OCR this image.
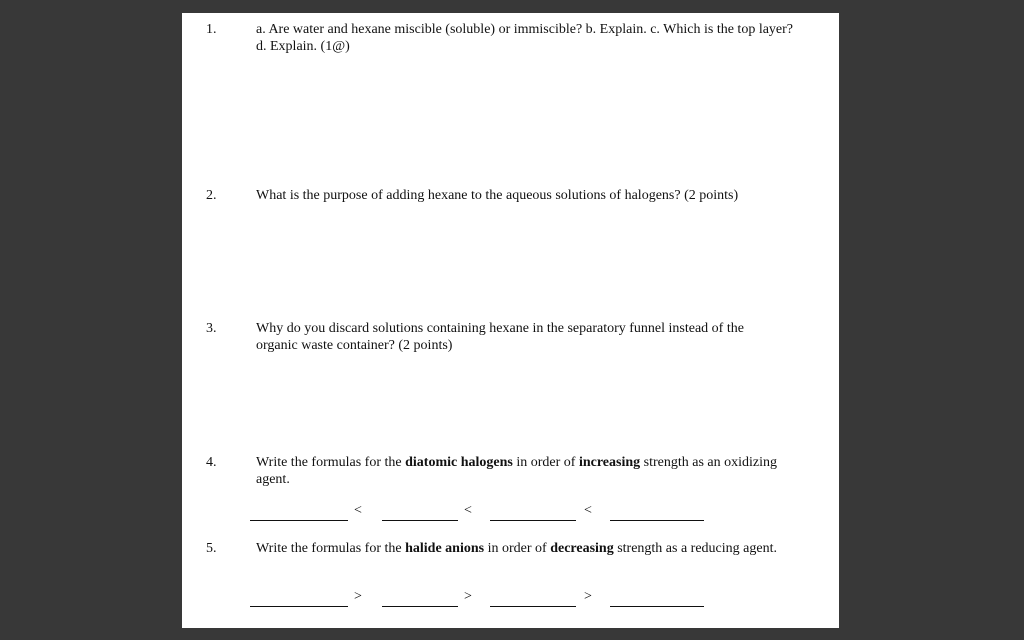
1.	a. Are water and hexane miscible (soluble) or immiscible? b. Explain. c. Which is the top layer? d. Explain. (1@)
2.	What is the purpose of adding hexane to the aqueous solutions of halogens? (2 points)
3.	Why do you discard solutions containing hexane in the separatory funnel instead of the organic waste container? (2 points)
4.	Write the formulas for the diatomic halogens in order of increasing strength as an oxidizing agent.
<	<	<
5.	Write the formulas for the halide anions in order of decreasing strength as a reducing agent.
>	>	>
